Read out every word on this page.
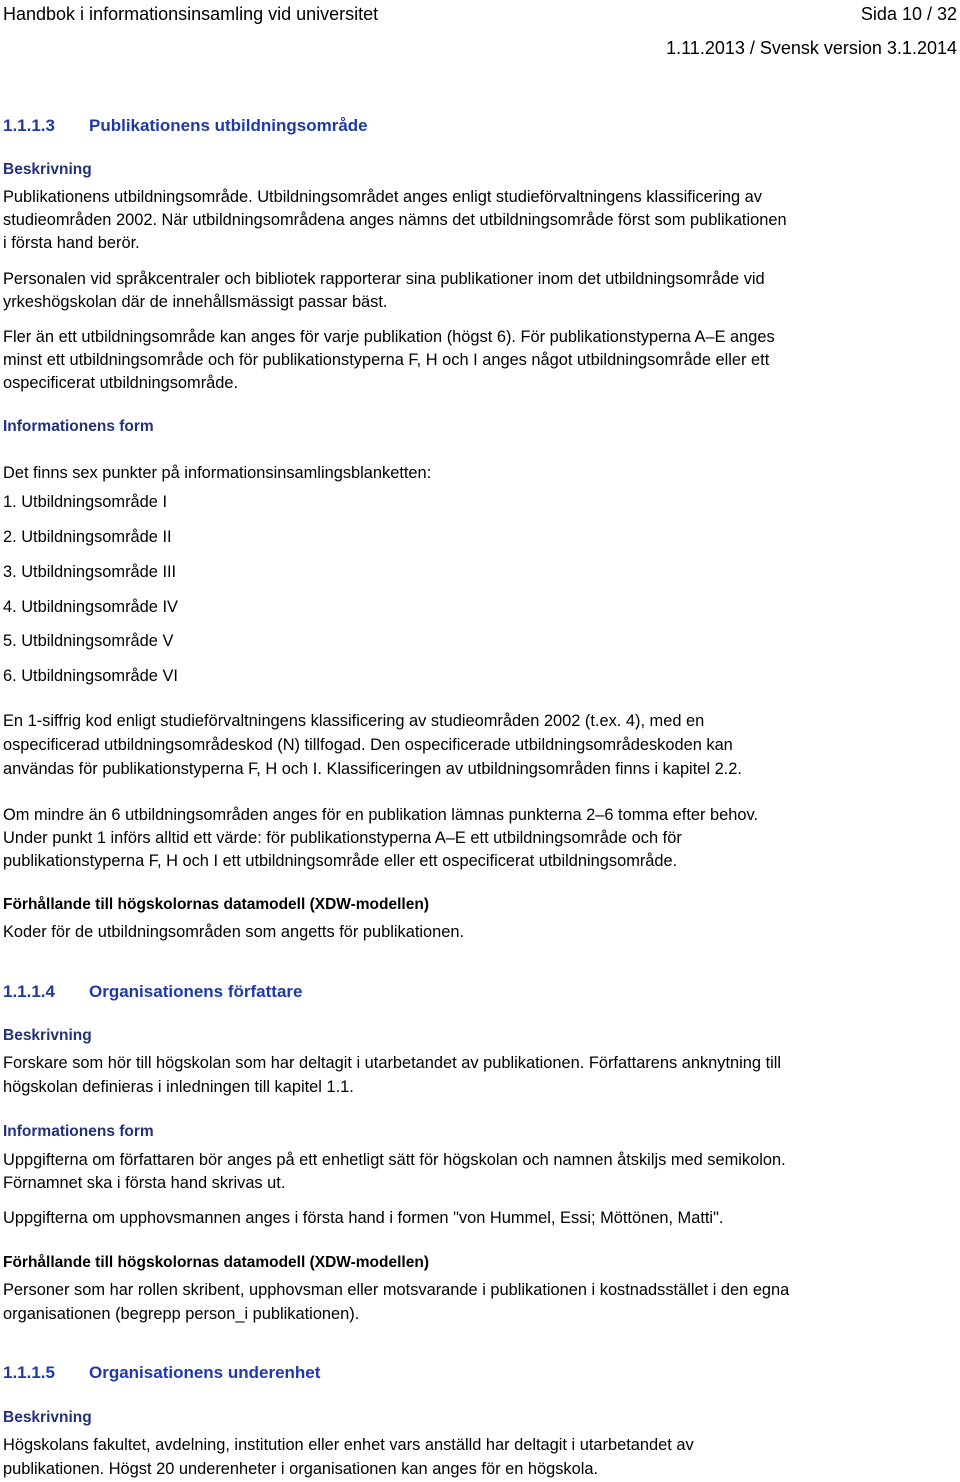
Handbok i informationsinsamling vid universitet	Sida 10 / 32
1.11.2013 / Svensk version 3.1.2014
1.1.1.3 Publikationens utbildningsområde
Beskrivning
Publikationens utbildningsområde. Utbildningsområdet anges enligt studieförvaltningens klassificering av
studieområden 2002. När utbildningsområdena anges nämns det utbildningsområde först som publikationen
i första hand berör.
Personalen vid språkcentraler och bibliotek rapporterar sina publikationer inom det utbildningsområde vid
yrkeshögskolan där de innehållsmässigt passar bäst.
Fler än ett utbildningsområde kan anges för varje publikation (högst 6). För publikationstyperna A–E anges
minst ett utbildningsområde och för publikationstyperna F, H och I anges något utbildningsområde eller ett
ospecificerat utbildningsområde.
Informationens form
Det finns sex punkter på informationsinsamlingsblanketten:
1. Utbildningsområde I
2. Utbildningsområde II
3. Utbildningsområde III
4. Utbildningsområde IV
5. Utbildningsområde V
6. Utbildningsområde VI
En 1-siffrig kod enligt studieförvaltningens klassificering av studieområden 2002 (t.ex. 4), med en
ospecificerad utbildningsområdeskod (N) tillfogad. Den ospecificerade utbildningsområdeskoden kan
användas för publikationstyperna F, H och I. Klassificeringen av utbildningsområden finns i kapitel 2.2.
Om mindre än 6 utbildningsområden anges för en publikation lämnas punkterna 2–6 tomma efter behov.
Under punkt 1 införs alltid ett värde: för publikationstyperna A–E ett utbildningsområde och för
publikationstyperna F, H och I ett utbildningsområde eller ett ospecificerat utbildningsområde.
Förhållande till högskolornas datamodell (XDW-modellen)
Koder för de utbildningsområden som angetts för publikationen.
1.1.1.4 Organisationens författare
Beskrivning
Forskare som hör till högskolan som har deltagit i utarbetandet av publikationen. Författarens anknytning till
högskolan definieras i inledningen till kapitel 1.1.
Informationens form
Uppgifterna om författaren bör anges på ett enhetligt sätt för högskolan och namnen åtskiljs med semikolon.
Förnamnet ska i första hand skrivas ut.
Uppgifterna om upphovsmannen anges i första hand i formen "von Hummel, Essi; Möttönen, Matti".
Förhållande till högskolornas datamodell (XDW-modellen)
Personer som har rollen skribent, upphovsman eller motsvarande i publikationen i kostnadsstället i den egna
organisationen (begrepp person_i publikationen).
1.1.1.5 Organisationens underenhet
Beskrivning
Högskolans fakultet, avdelning, institution eller enhet vars anställd har deltagit i utarbetandet av
publikationen. Högst 20 underenheter i organisationen kan anges för en högskola.
